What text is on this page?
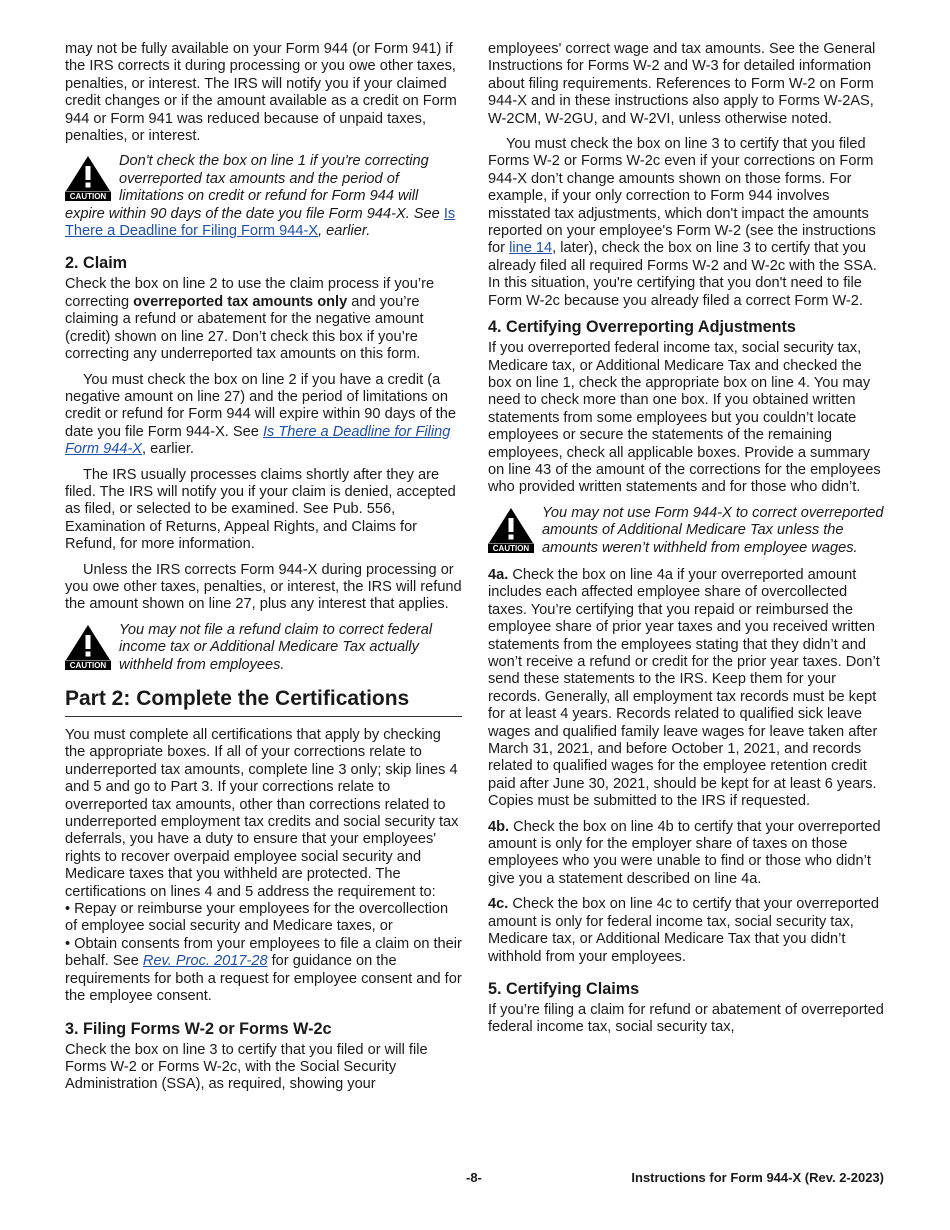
may not be fully available on your Form 944 (or Form 941) if the IRS corrects it during processing or you owe other taxes, penalties, or interest. The IRS will notify you if your claimed credit changes or if the amount available as a credit on Form 944 or Form 941 was reduced because of unpaid taxes, penalties, or interest.

CAUTION
Don't check the box on line 1 if you're correcting overreported tax amounts and the period of limitations on credit or refund for Form 944 will expire within 90 days of the date you file Form 944-X. See Is There a Deadline for Filing Form 944-X, earlier.
2. Claim

Check the box on line 2 to use the claim process if you’re correcting overreported tax amounts only and you’re claiming a refund or abatement for the negative amount (credit) shown on line 27. Don’t check this box if you’re correcting any underreported tax amounts on this form.

You must check the box on line 2 if you have a credit (a negative amount on line 27) and the period of limitations on credit or refund for Form 944 will expire within 90 days of the date you file Form 944-X. See Is There a Deadline for Filing Form 944-X, earlier.

The IRS usually processes claims shortly after they are filed. The IRS will notify you if your claim is denied, accepted as filed, or selected to be examined. See Pub. 556, Examination of Returns, Appeal Rights, and Claims for Refund, for more information.

Unless the IRS corrects Form 944-X during processing or you owe other taxes, penalties, or interest, the IRS will refund the amount shown on line 27, plus any interest that applies.

CAUTION
You may not file a refund claim to correct federal income tax or Additional Medicare Tax actually withheld from employees.
Part 2: Complete the Certifications

You must complete all certifications that apply by checking the appropriate boxes. If all of your corrections relate to underreported tax amounts, complete line 3 only; skip lines 4 and 5 and go to Part 3. If your corrections relate to overreported tax amounts, other than corrections related to underreported employment tax credits and social security tax deferrals, you have a duty to ensure that your employees' rights to recover overpaid employee social security and Medicare taxes that you withheld are protected. The certifications on lines 4 and 5 address the requirement to:

• Repay or reimburse your employees for the overcollection of employee social security and Medicare taxes, or

• Obtain consents from your employees to file a claim on their behalf. See Rev. Proc. 2017-28 for guidance on the requirements for both a request for employee consent and for the employee consent.

3. Filing Forms W-2 or Forms W-2c

Check the box on line 3 to certify that you filed or will file Forms W-2 or Forms W-2c, with the Social Security Administration (SSA), as required, showing your

employees' correct wage and tax amounts. See the General Instructions for Forms W-2 and W-3 for detailed information about filing requirements. References to Form W-2 on Form 944-X and in these instructions also apply to Forms W-2AS, W-2CM, W-2GU, and W-2VI, unless otherwise noted.

You must check the box on line 3 to certify that you filed Forms W-2 or Forms W-2c even if your corrections on Form 944-X don’t change amounts shown on those forms. For example, if your only correction to Form 944 involves misstated tax adjustments, which don't impact the amounts reported on your employee's Form W-2 (see the instructions for line 14, later), check the box on line 3 to certify that you already filed all required Forms W-2 and W-2c with the SSA. In this situation, you're certifying that you don't need to file Form W-2c because you already filed a correct Form W-2.

4. Certifying Overreporting Adjustments

If you overreported federal income tax, social security tax, Medicare tax, or Additional Medicare Tax and checked the box on line 1, check the appropriate box on line 4. You may need to check more than one box. If you obtained written statements from some employees but you couldn’t locate employees or secure the statements of the remaining employees, check all applicable boxes. Provide a summary on line 43 of the amount of the corrections for the employees who provided written statements and for those who didn’t.

CAUTION
You may not use Form 944-X to correct overreported amounts of Additional Medicare Tax unless the amounts weren’t withheld from employee wages.

4a. Check the box on line 4a if your overreported amount includes each affected employee share of overcollected taxes. You’re certifying that you repaid or reimbursed the employee share of prior year taxes and you received written statements from the employees stating that they didn’t and won’t receive a refund or credit for the prior year taxes. Don’t send these statements to the IRS. Keep them for your records. Generally, all employment tax records must be kept for at least 4 years. Records related to qualified sick leave wages and qualified family leave wages for leave taken after March 31, 2021, and before October 1, 2021, and records related to qualified wages for the employee retention credit paid after June 30, 2021, should be kept for at least 6 years. Copies must be submitted to the IRS if requested.

4b. Check the box on line 4b to certify that your overreported amount is only for the employer share of taxes on those employees who you were unable to find or those who didn’t give you a statement described on line 4a.

4c. Check the box on line 4c to certify that your overreported amount is only for federal income tax, social security tax, Medicare tax, or Additional Medicare Tax that you didn’t withhold from your employees.

5. Certifying Claims

If you’re filing a claim for refund or abatement of overreported federal income tax, social security tax,

-8-	Instructions for Form 944-X (Rev. 2-2023)
